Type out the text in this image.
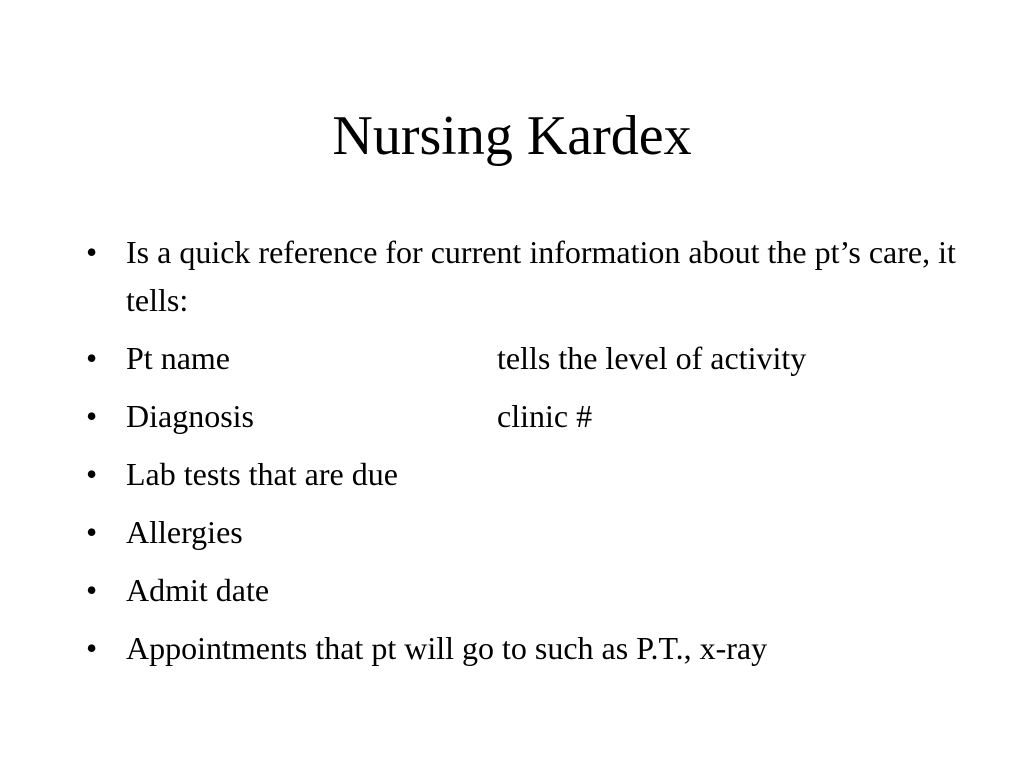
Nursing Kardex
• Is a quick reference for current information about the pt’s care, it tells:
• Pt name	tells the level of activity
• Diagnosis	clinic #
• Lab tests that are due
• Allergies
• Admit date
• Appointments that pt will go to such as P.T., x-ray
